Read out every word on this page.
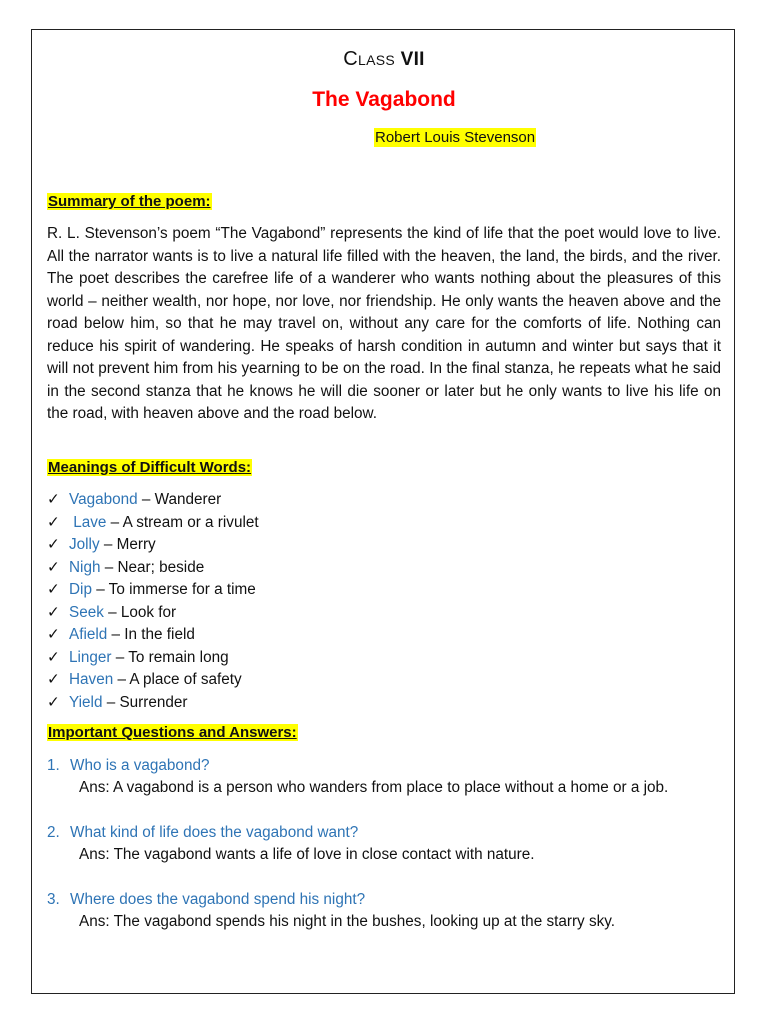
Class VII
The Vagabond
Robert Louis Stevenson
Summary of the poem:

R. L. Stevenson’s poem “The Vagabond” represents the kind of life that the poet would love to live. All the narrator wants is to live a natural life filled with the heaven, the land, the birds, and the river. The poet describes the carefree life of a wanderer who wants nothing about the pleasures of this world – neither wealth, nor hope, nor love, nor friendship. He only wants the heaven above and the road below him, so that he may travel on, without any care for the comforts of life. Nothing can reduce his spirit of wandering. He speaks of harsh condition in autumn and winter but says that it will not prevent him from his yearning to be on the road. In the final stanza, he repeats what he said in the second stanza that he knows he will die sooner or later but he only wants to live his life on the road, with heaven above and the road below.

Meanings of Difficult Words:
✓ Vagabond – Wanderer
✓ Lave – A stream or a rivulet
✓ Jolly – Merry
✓ Nigh – Near; beside
✓ Dip – To immerse for a time
✓ Seek – Look for
✓ Afield – In the field
✓ Linger – To remain long
✓ Haven – A place of safety
✓ Yield – Surrender
Important Questions and Answers:
1. Who is a vagabond?
Ans: A vagabond is a person who wanders from place to place without a home or a job.
2. What kind of life does the vagabond want?
Ans: The vagabond wants a life of love in close contact with nature.
3. Where does the vagabond spend his night?
Ans: The vagabond spends his night in the bushes, looking up at the starry sky.
